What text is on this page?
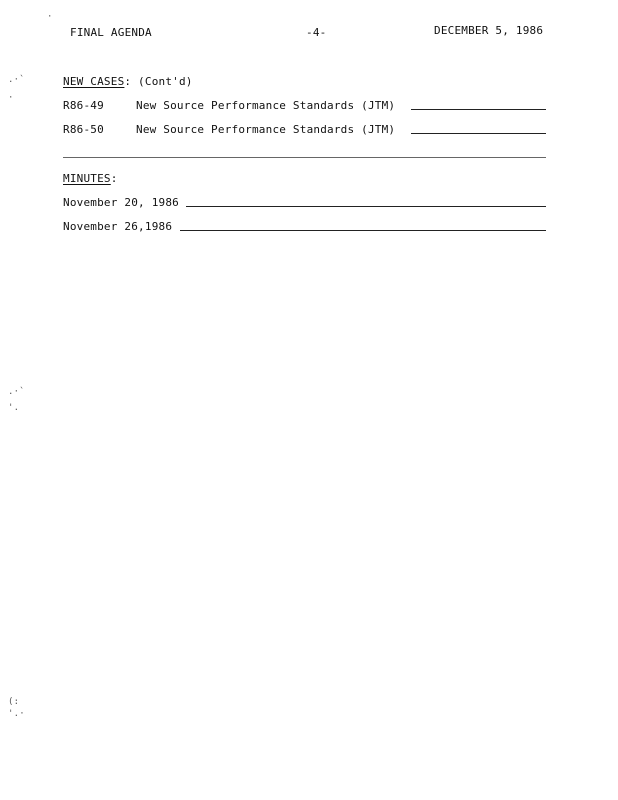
·
.·`
·
.·`
'.
(:
'.·
FINAL AGENDA	-4-	DECEMBER 5, 1986
NEW CASES: (Cont'd)
R86-49	New Source Performance Standards (JTM)
R86-50	New Source Performance Standards (JTM)
MINUTES:
November 20, 1986
November 26,1986
